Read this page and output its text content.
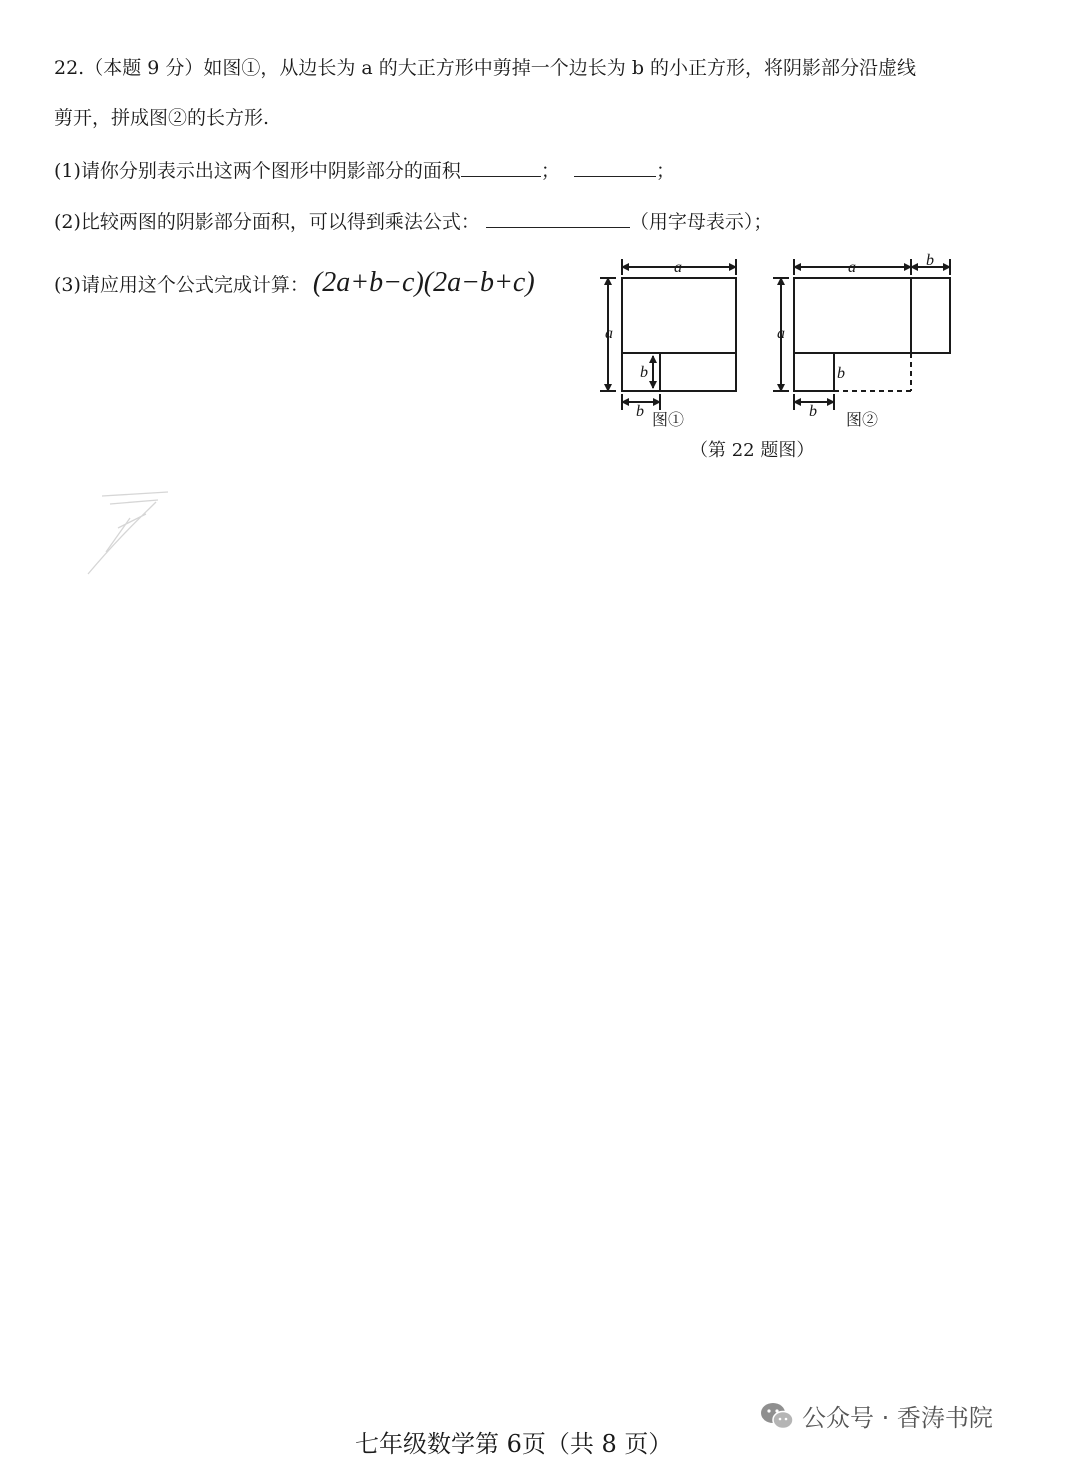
22.（本题 9 分）如图①，从边长为 a 的大正方形中剪掉一个边长为 b 的小正方形，将阴影部分沿虚线
剪开，拼成图②的长方形.
(1)请你分别表示出这两个图形中阴影部分的面积	；	；
(2)比较两图的阴影部分面积，可以得到乘法公式：	（用字母表示）；
(3)请应用这个公式完成计算： (2a+b−c)(2a−b+c)	a
a
b
b
a	b
a
b
b
图①	图②
（第 22 题图）
公众号 · 香涛书院
七年级数学第 6页（共 8 页）
